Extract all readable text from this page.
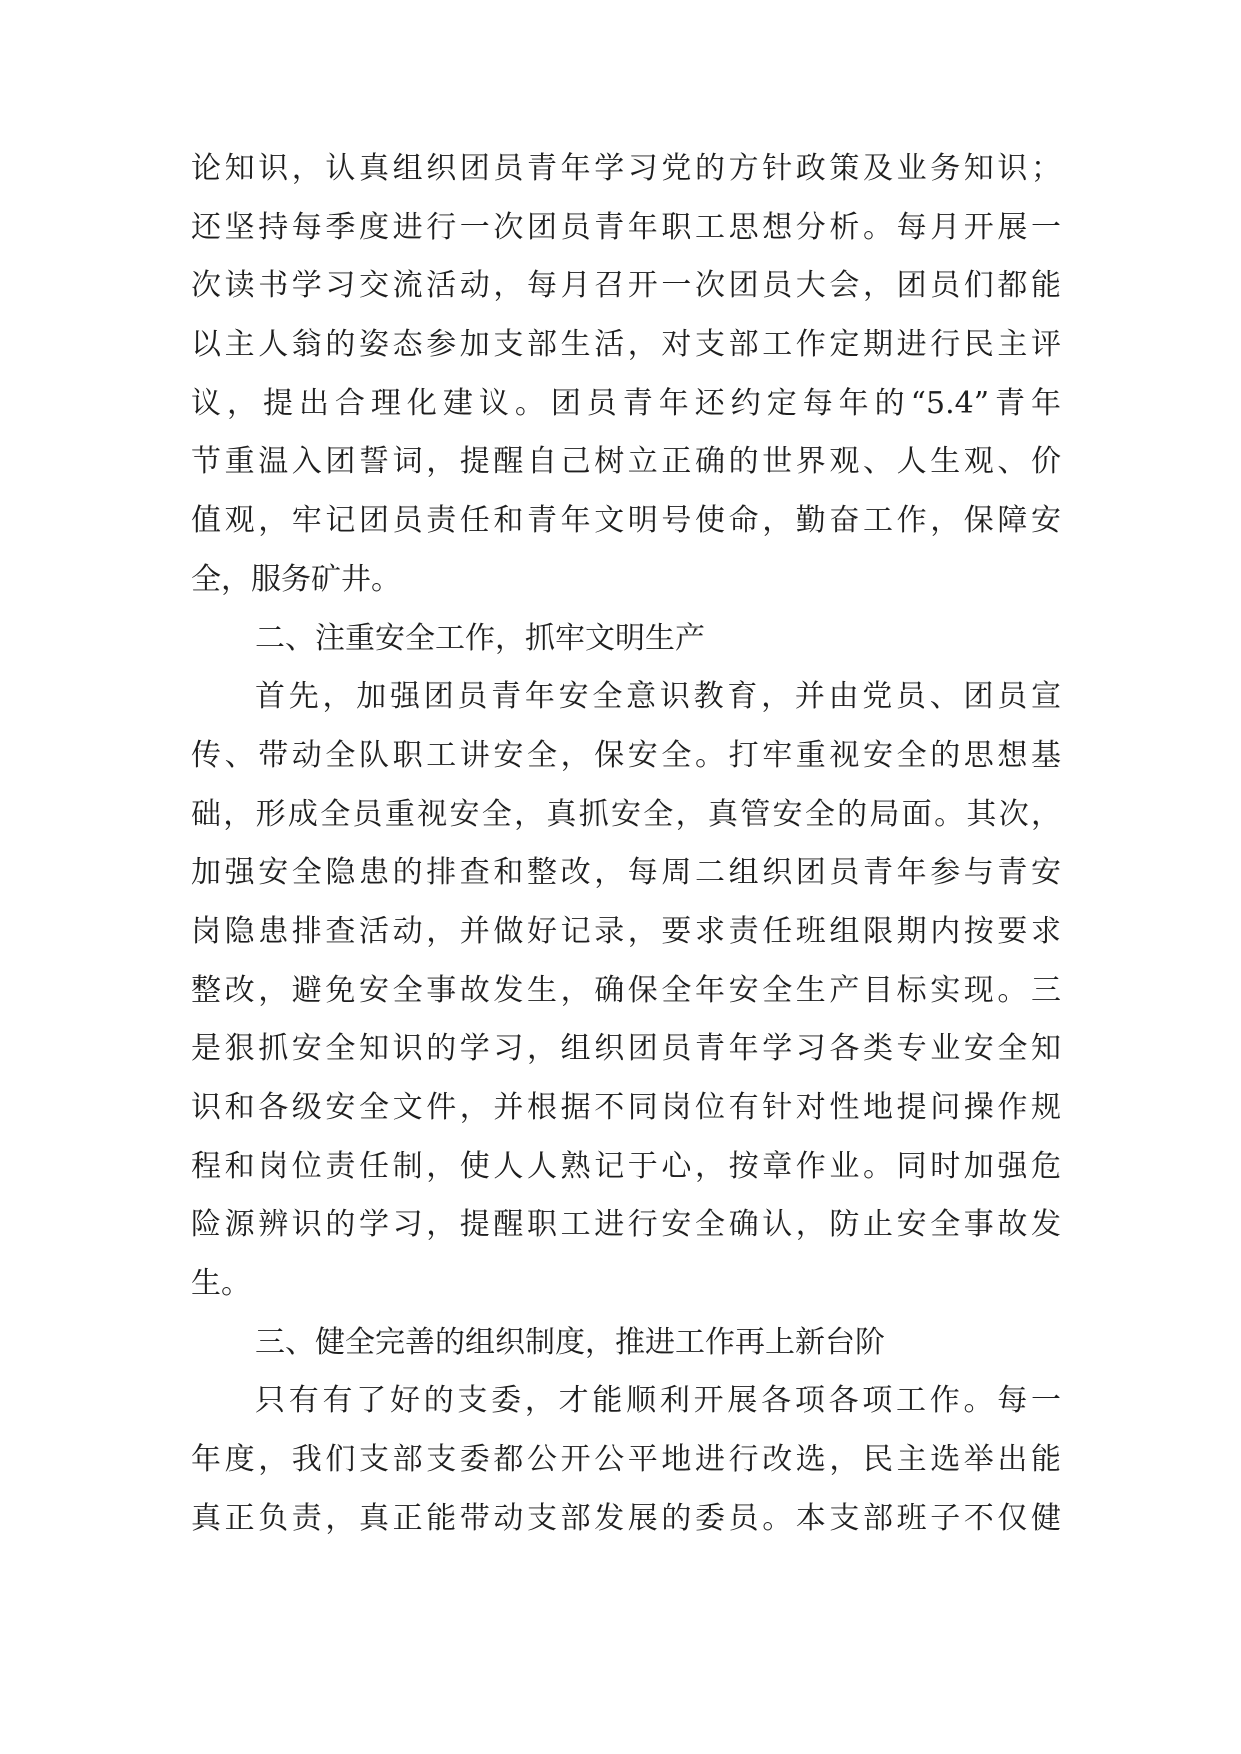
论知识，认真组织团员青年学习党的方针政策及业务知识；
还坚持每季度进行一次团员青年职工思想分析。每月开展一
次读书学习交流活动，每月召开一次团员大会，团员们都能
以主人翁的姿态参加支部生活，对支部工作定期进行民主评
议，提出合理化建议。团员青年还约定每年的“5.4”青年
节重温入团誓词，提醒自己树立正确的世界观、人生观、价
值观，牢记团员责任和青年文明号使命，勤奋工作，保障安
全，服务矿井。
二、注重安全工作，抓牢文明生产
首先，加强团员青年安全意识教育，并由党员、团员宣
传、带动全队职工讲安全，保安全。打牢重视安全的思想基
础，形成全员重视安全，真抓安全，真管安全的局面。其次，
加强安全隐患的排查和整改，每周二组织团员青年参与青安
岗隐患排查活动，并做好记录，要求责任班组限期内按要求
整改，避免安全事故发生，确保全年安全生产目标实现。三
是狠抓安全知识的学习，组织团员青年学习各类专业安全知
识和各级安全文件，并根据不同岗位有针对性地提问操作规
程和岗位责任制，使人人熟记于心，按章作业。同时加强危
险源辨识的学习，提醒职工进行安全确认，防止安全事故发
生。
三、健全完善的组织制度，推进工作再上新台阶
只有有了好的支委，才能顺利开展各项各项工作。每一
年度，我们支部支委都公开公平地进行改选，民主选举出能
真正负责，真正能带动支部发展的委员。本支部班子不仅健
